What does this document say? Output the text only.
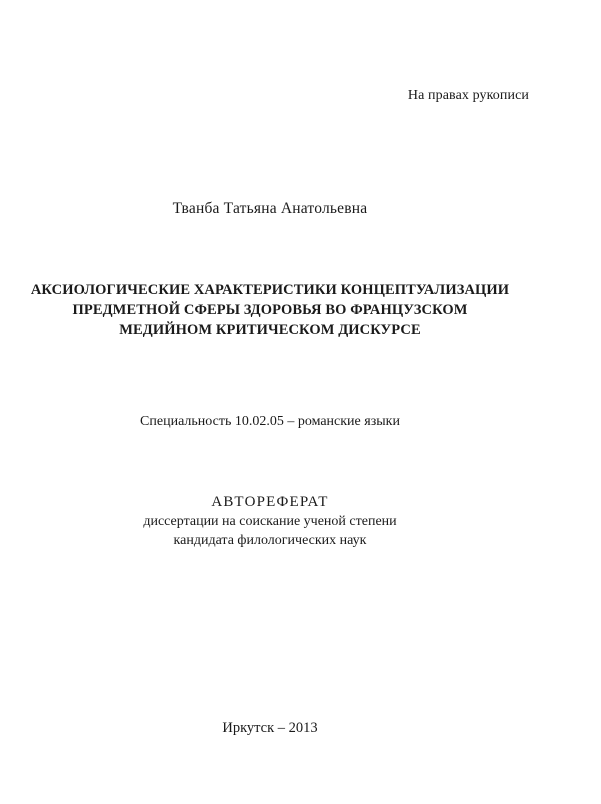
На правах рукописи
Тванба Татьяна Анатольевна
АКСИОЛОГИЧЕСКИЕ ХАРАКТЕРИСТИКИ КОНЦЕПТУАЛИЗАЦИИ
ПРЕДМЕТНОЙ СФЕРЫ ЗДОРОВЬЯ ВО ФРАНЦУЗСКОМ
МЕДИЙНОМ КРИТИЧЕСКОМ ДИСКУРСЕ
Специальность 10.02.05 – романские языки
АВТОРЕФЕРАТ
диссертации на соискание ученой степени
кандидата филологических наук
Иркутск – 2013
